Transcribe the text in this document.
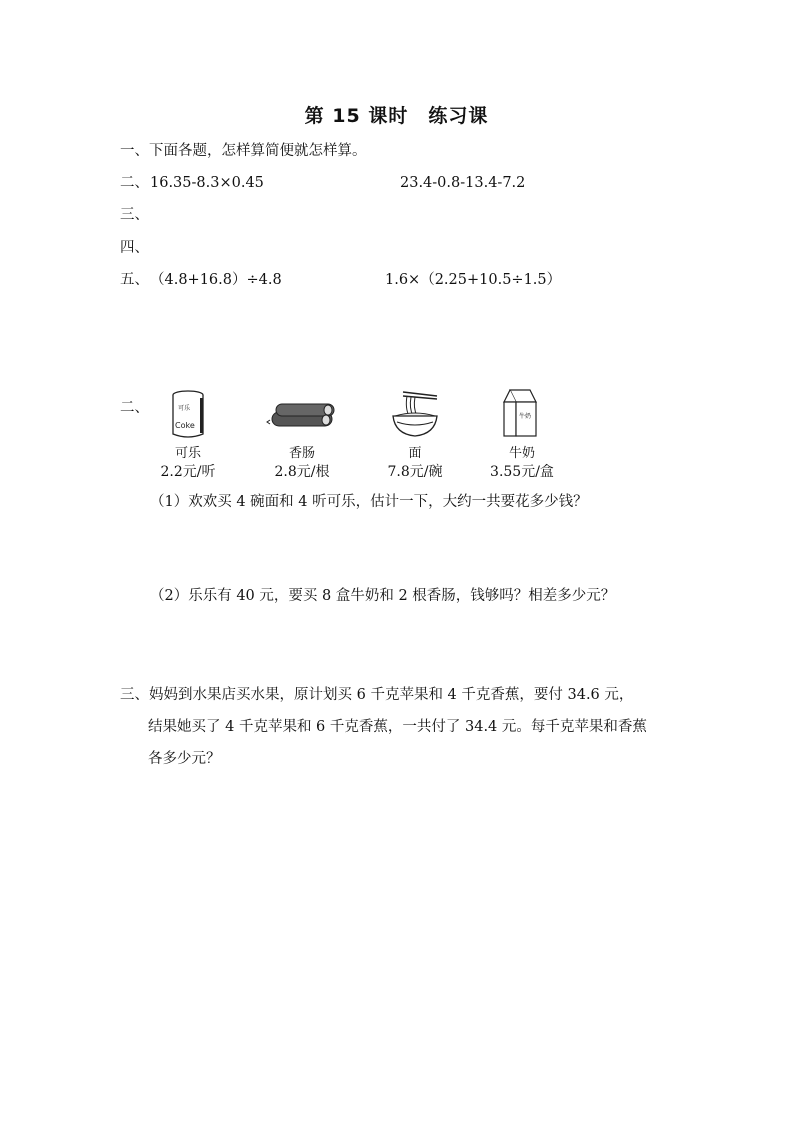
第 15 课时　练习课
一、下面各题，怎样算简便就怎样算。
二、 16.35-8.3×0.45	23.4-0.8-13.4-7.2
三、
四、
五、 （4.8+16.8）÷4.8	1.6×（2.25+10.5÷1.5）
二、	可乐
Coke
可乐
2.2元/听
香肠
2.8元/根
面
7.8元/碗
牛奶
牛奶
3.55元/盒
（1）欢欢买 4 碗面和 4 听可乐，估计一下，大约一共要花多少钱？
（2）乐乐有 40 元，要买 8 盒牛奶和 2 根香肠，钱够吗？相差多少元？
三、妈妈到水果店买水果，原计划买 6 千克苹果和 4 千克香蕉，要付 34.6 元，
结果她买了 4 千克苹果和 6 千克香蕉，一共付了 34.4 元。每千克苹果和香蕉
各多少元？
